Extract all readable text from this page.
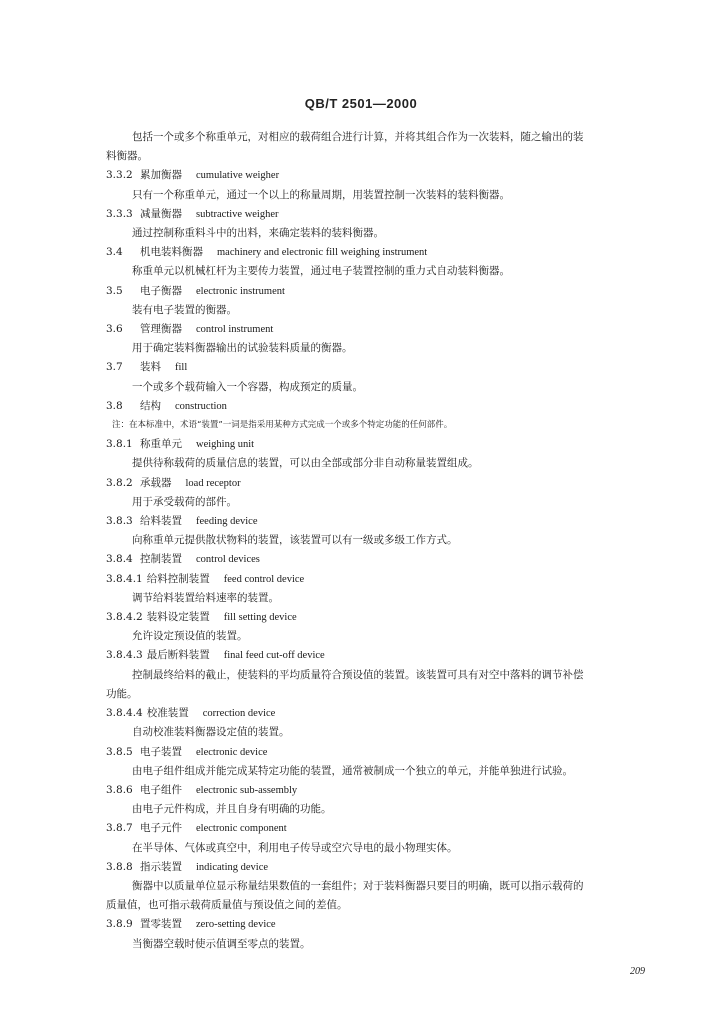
QB/T 2501—2000
包括一个或多个称重单元，对相应的载荷组合进行计算，并将其组合作为一次装料，随之输出的装
料衡器。
3.3.2 累加衡器 cumulative weigher
只有一个称重单元，通过一个以上的称量周期，用装置控制一次装料的装料衡器。
3.3.3 减量衡器 subtractive weigher
通过控制称重料斗中的出料，来确定装料的装料衡器。
3.4 机电装料衡器 machinery and electronic fill weighing instrument
称重单元以机械杠杆为主要传力装置，通过电子装置控制的重力式自动装料衡器。
3.5 电子衡器 electronic instrument
装有电子装置的衡器。
3.6 管理衡器 control instrument
用于确定装料衡器输出的试验装料质量的衡器。
3.7 装料 fill
一个或多个载荷输入一个容器，构成预定的质量。
3.8 结构 construction
注：在本标准中，术语“装置”一词是指采用某种方式完成一个或多个特定功能的任何部件。
3.8.1 称重单元 weighing unit
提供待称载荷的质量信息的装置，可以由全部或部分非自动称量装置组成。
3.8.2 承载器 load receptor
用于承受载荷的部件。
3.8.3 给料装置 feeding device
向称重单元提供散状物料的装置，该装置可以有一级或多级工作方式。
3.8.4 控制装置 control devices
3.8.4.1 给料控制装置 feed control device
调节给料装置给料速率的装置。
3.8.4.2 装料设定装置 fill setting device
允许设定预设值的装置。
3.8.4.3 最后断料装置 final feed cut-off device
控制最终给料的截止，使装料的平均质量符合预设值的装置。该装置可具有对空中落料的调节补偿
功能。
3.8.4.4 校准装置 correction device
自动校准装料衡器设定值的装置。
3.8.5 电子装置 electronic device
由电子组件组成并能完成某特定功能的装置，通常被制成一个独立的单元，并能单独进行试验。
3.8.6 电子组件 electronic sub-assembly
由电子元件构成，并且自身有明确的功能。
3.8.7 电子元件 electronic component
在半导体、气体或真空中，利用电子传导或空穴导电的最小物理实体。
3.8.8 指示装置 indicating device
衡器中以质量单位显示称量结果数值的一套组件；对于装料衡器只要目的明确，既可以指示载荷的
质量值，也可指示载荷质量值与预设值之间的差值。
3.8.9 置零装置 zero-setting device
当衡器空载时使示值调至零点的装置。
209
